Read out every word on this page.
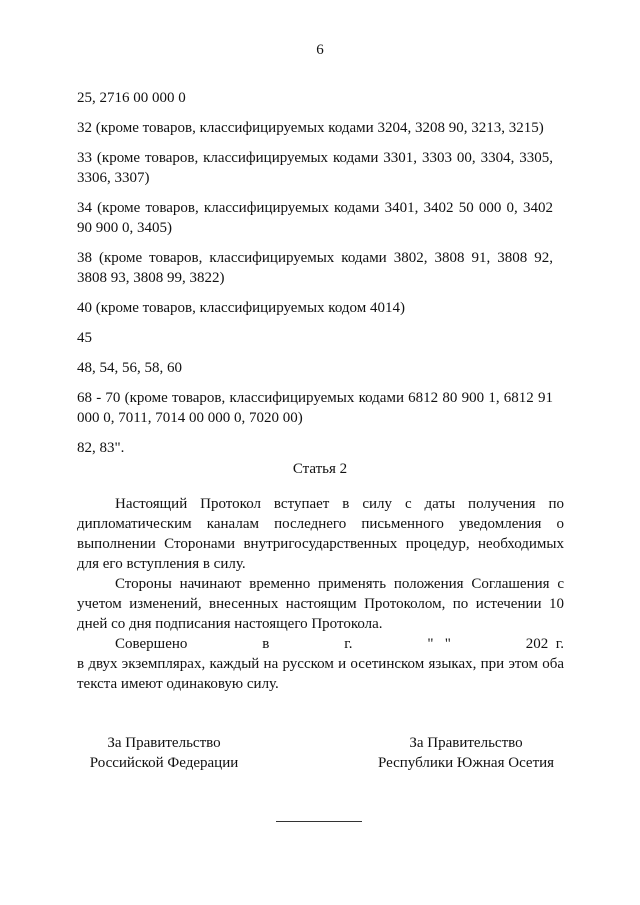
6

25, 2716 00 000 0

32 (кроме товаров, классифицируемых кодами 3204, 3208 90, 3213, 3215)

33 (кроме товаров, классифицируемых кодами 3301, 3303 00, 3304, 3305, 3306, 3307)

34 (кроме товаров, классифицируемых кодами 3401, 3402 50 000 0, 3402 90 900 0, 3405)

38 (кроме товаров, классифицируемых кодами 3802, 3808 91, 3808 92, 3808 93, 3808 99, 3822)

40 (кроме товаров, классифицируемых кодом 4014)

45

48, 54, 56, 58, 60

68 - 70 (кроме товаров, классифицируемых кодами 6812 80 900 1, 6812 91 000 0, 7011, 7014 00 000 0, 7020 00)

82, 83".

Статья 2

Настоящий Протокол вступает в силу с даты получения по дипломатическим каналам последнего письменного уведомления о выполнении Сторонами внутригосударственных процедур, необходимых для его вступления в силу.

Стороны начинают временно применять положения Соглашения с учетом изменений, внесенных настоящим Протоколом, по истечении 10 дней со дня подписания настоящего Протокола.

Совершено	в	г.	"   "	202  г.

в двух экземплярах, каждый на русском и осетинском языках, при этом оба текста имеют одинаковую силу.

За Правительство
Российской Федерации
За Правительство
Республики Южная Осетия
